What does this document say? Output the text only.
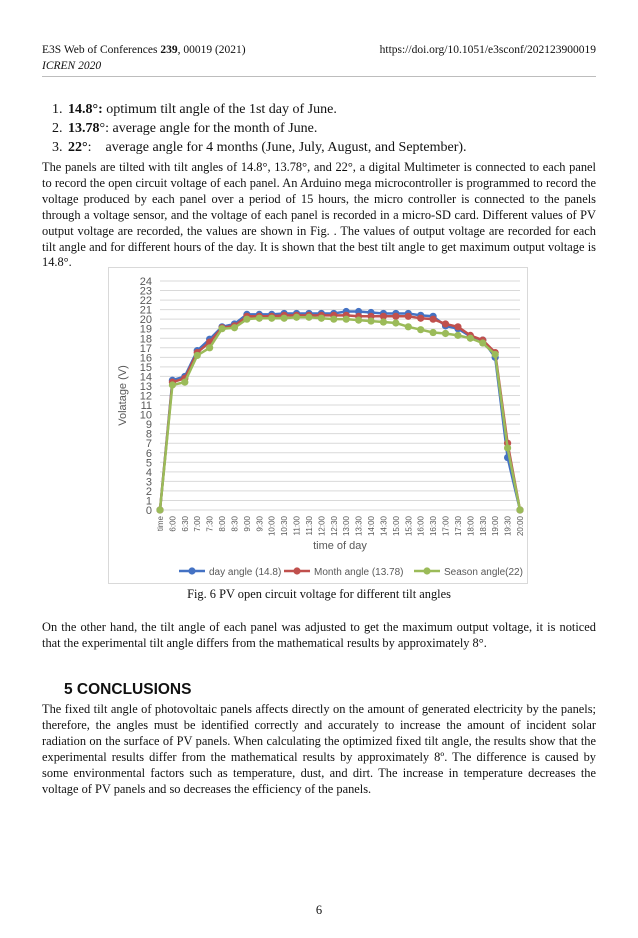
E3S Web of Conferences 239, 00019 (2021)
ICREN 2020
https://doi.org/10.1051/e3sconf/202123900019
1. 14.8°: optimum tilt angle of the 1st day of June.
2. 13.78°: average angle for the month of June.
3. 22°:    average angle for 4 months (June, July, August, and September).

The panels are tilted with tilt angles of 14.8°, 13.78°, and 22°, a digital Multimeter is connected to each panel to record the open circuit voltage of each panel. An Arduino mega microcontroller is programmed to record the voltage produced by each panel over a period of 15 hours, the micro controller is connected to the panels through a voltage sensor, and the voltage of each panel is recorded in a micro-SD card. Different values of PV output voltage are recorded, the values are shown in Fig. . The values of output voltage are recorded for each tilt angle and for different hours of the day. It is shown that the best tilt angle to get maximum output voltage is 14.8°.

0
1
2
3
4
5
6
7
8
9
10
11
12
13
14
15
16
17
18
19
20
21
22
23
24
time 6:00 6:30 7:00 7:30 8:00 8:30 9:00 9:30 10:00 10:30 11:00 11:30 12:00 12:30 13:00 13:30 14:00 14:30 15:00 15:30 16:00 16:30 17:00 17:30 18:00 18:30 19:00 19:30 20:00
Volatage (V)
time of day
day angle (14.8)	Month angle (13.78)	Season angle(22)
Fig. 6 PV open circuit voltage for different tilt angles

On the other hand, the tilt angle of each panel was adjusted to get the maximum output voltage, it is noticed that the experimental tilt angle differs from the mathematical results by approximately 8°.

5 CONCLUSIONS

The fixed tilt angle of photovoltaic panels affects directly on the amount of generated electricity by the panels; therefore, the angles must be identified correctly and accurately to increase the amount of incident solar radiation on the surface of PV panels. When calculating the optimized fixed tilt angle, the results show that the experimental results differ from the mathematical results by approximately 8º. The difference is caused by some environmental factors such as temperature, dust, and dirt. The increase in temperature decreases the voltage of PV panels and so decreases the efficiency of the panels.

6
